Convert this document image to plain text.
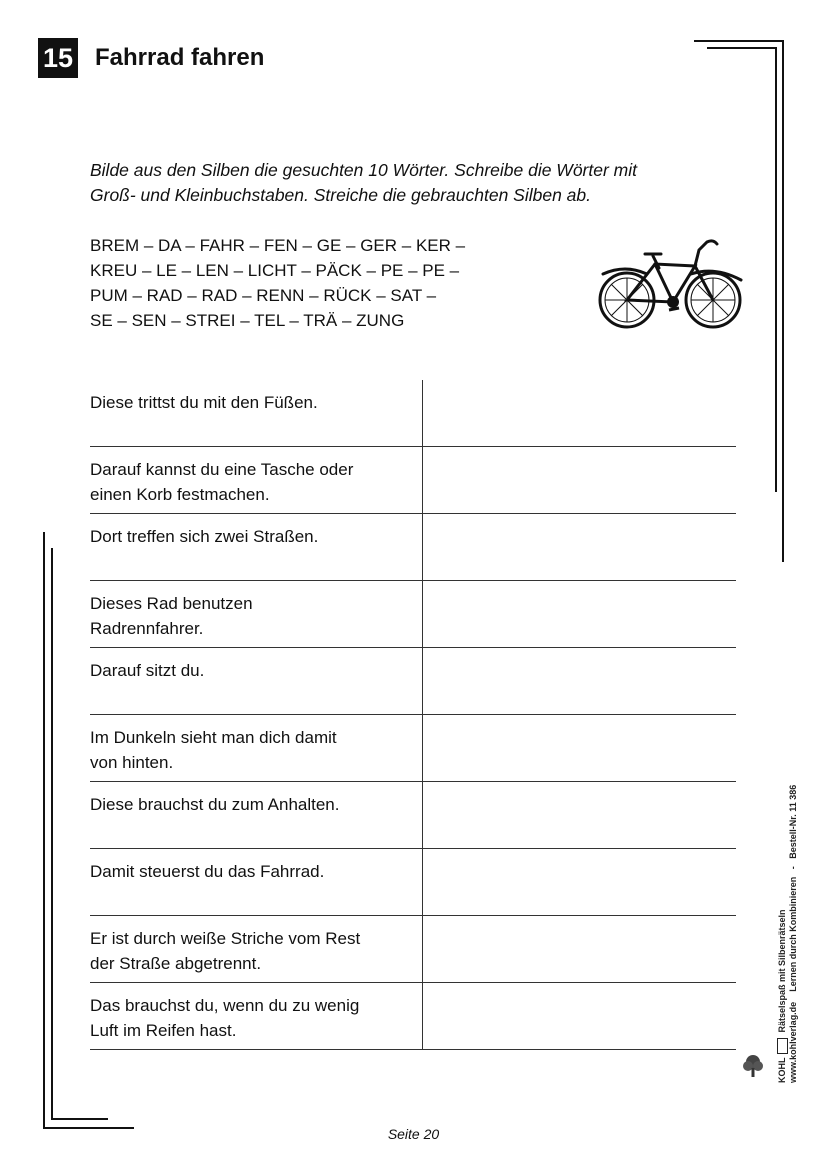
15 Fahrrad fahren
Bilde aus den Silben die gesuchten 10 Wörter. Schreibe die Wörter mit
Groß- und Kleinbuchstaben. Streiche die gebrauchten Silben ab.
BREM – DA – FAHR – FEN – GE – GER – KER –
KREU – LE – LEN – LICHT – PÄCK – PE – PE –
PUM – RAD – RAD – RENN – RÜCK – SAT –
SE – SEN – STREI – TEL – TRÄ – ZUNG
Diese trittst du mit den Füßen.
Darauf kannst du eine Tasche oder
einen Korb festmachen.
Dort treffen sich zwei Straßen.
Dieses Rad benutzen
Radrennfahrer.
Darauf sitzt du.
Im Dunkeln sieht man dich damit
von hinten.
Diese brauchst du zum Anhalten.
Damit steuerst du das Fahrrad.
Er ist durch weiße Striche vom Rest
der Straße abgetrennt.
Das brauchst du, wenn du zu wenig
Luft im Reifen hast.
KOHL
Rätselspaß mit Silbenrätseln
www.kohlverlag.de    Lernen durch Kombinieren   -   Bestell-Nr. 11 386
Seite 20
